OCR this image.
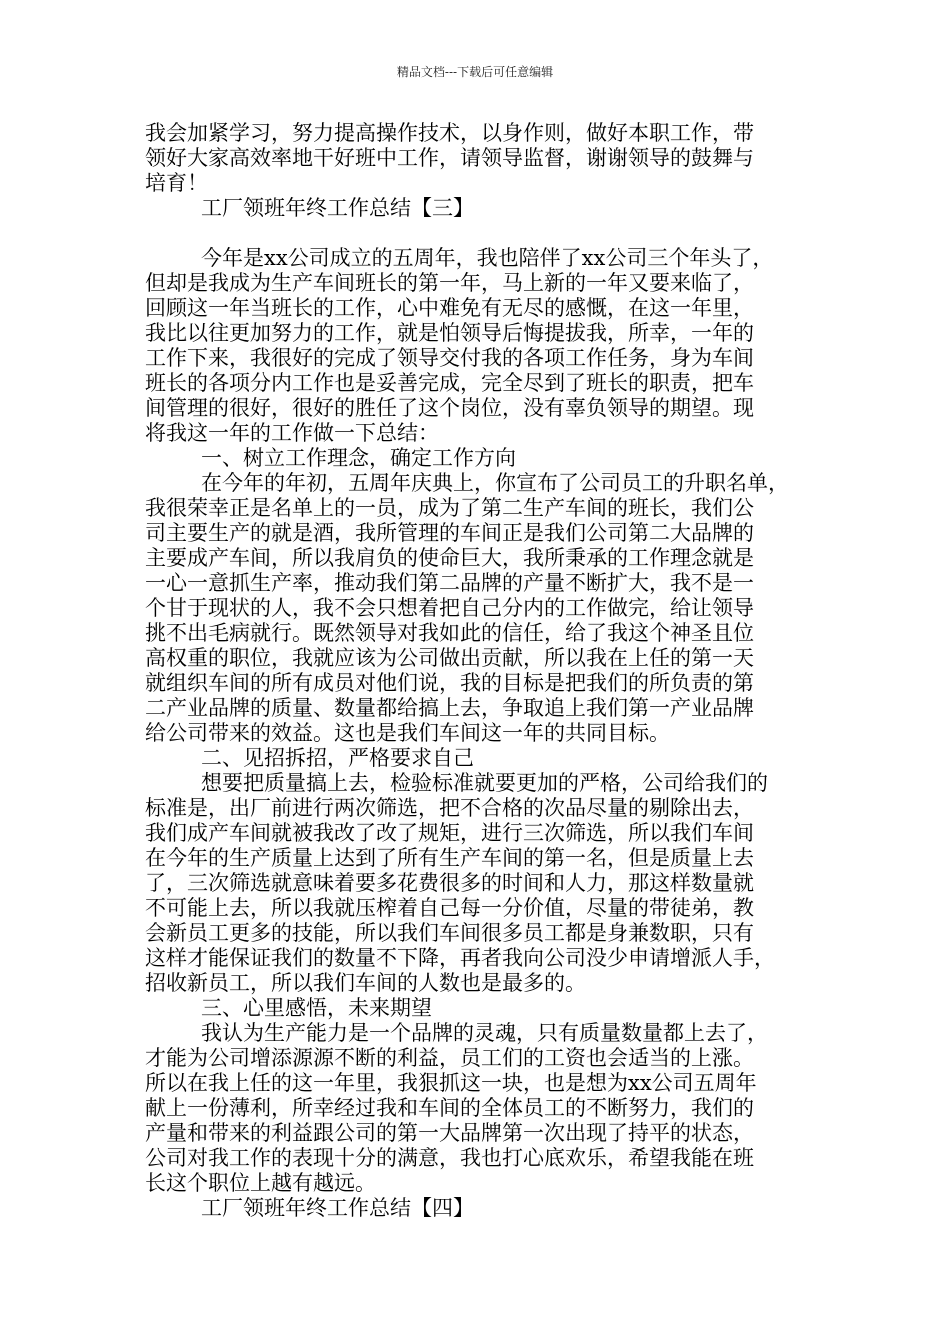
精品文档---下载后可任意编辑
我会加紧学习，努力提高操作技术，以身作则，做好本职工作，带
领好大家高效率地干好班中工作，请领导监督，谢谢领导的鼓舞与
培育！
工厂领班年终工作总结【三】
今年是xx公司成立的五周年，我也陪伴了xx公司三个年头了，
但却是我成为生产车间班长的第一年，马上新的一年又要来临了，
回顾这一年当班长的工作，心中难免有无尽的感慨，在这一年里，
我比以往更加努力的工作，就是怕领导后悔提拔我，所幸，一年的
工作下来，我很好的完成了领导交付我的各项工作任务，身为车间
班长的各项分内工作也是妥善完成，完全尽到了班长的职责，把车
间管理的很好，很好的胜任了这个岗位，没有辜负领导的期望。现
将我这一年的工作做一下总结：
一、树立工作理念，确定工作方向
在今年的年初，五周年庆典上，你宣布了公司员工的升职名单，
我很荣幸正是名单上的一员，成为了第二生产车间的班长，我们公
司主要生产的就是酒，我所管理的车间正是我们公司第二大品牌的
主要成产车间，所以我肩负的使命巨大，我所秉承的工作理念就是
一心一意抓生产率，推动我们第二品牌的产量不断扩大，我不是一
个甘于现状的人，我不会只想着把自己分内的工作做完，给让领导
挑不出毛病就行。既然领导对我如此的信任，给了我这个神圣且位
高权重的职位，我就应该为公司做出贡献，所以我在上任的第一天
就组织车间的所有成员对他们说，我的目标是把我们的所负责的第
二产业品牌的质量、数量都给搞上去，争取追上我们第一产业品牌
给公司带来的效益。这也是我们车间这一年的共同目标。
二、见招拆招，严格要求自己
想要把质量搞上去，检验标准就要更加的严格，公司给我们的
标准是，出厂前进行两次筛选，把不合格的次品尽量的剔除出去，
我们成产车间就被我改了改了规矩，进行三次筛选，所以我们车间
在今年的生产质量上达到了所有生产车间的第一名，但是质量上去
了，三次筛选就意味着要多花费很多的时间和人力，那这样数量就
不可能上去，所以我就压榨着自己每一分价值，尽量的带徒弟，教
会新员工更多的技能，所以我们车间很多员工都是身兼数职，只有
这样才能保证我们的数量不下降，再者我向公司没少申请增派人手，
招收新员工，所以我们车间的人数也是最多的。
三、心里感悟，未来期望
我认为生产能力是一个品牌的灵魂，只有质量数量都上去了，
才能为公司增添源源不断的利益，员工们的工资也会适当的上涨。
所以在我上任的这一年里，我狠抓这一块，也是想为xx公司五周年
献上一份薄利，所幸经过我和车间的全体员工的不断努力，我们的
产量和带来的利益跟公司的第一大品牌第一次出现了持平的状态，
公司对我工作的表现十分的满意，我也打心底欢乐，希望我能在班
长这个职位上越有越远。
工厂领班年终工作总结【四】
